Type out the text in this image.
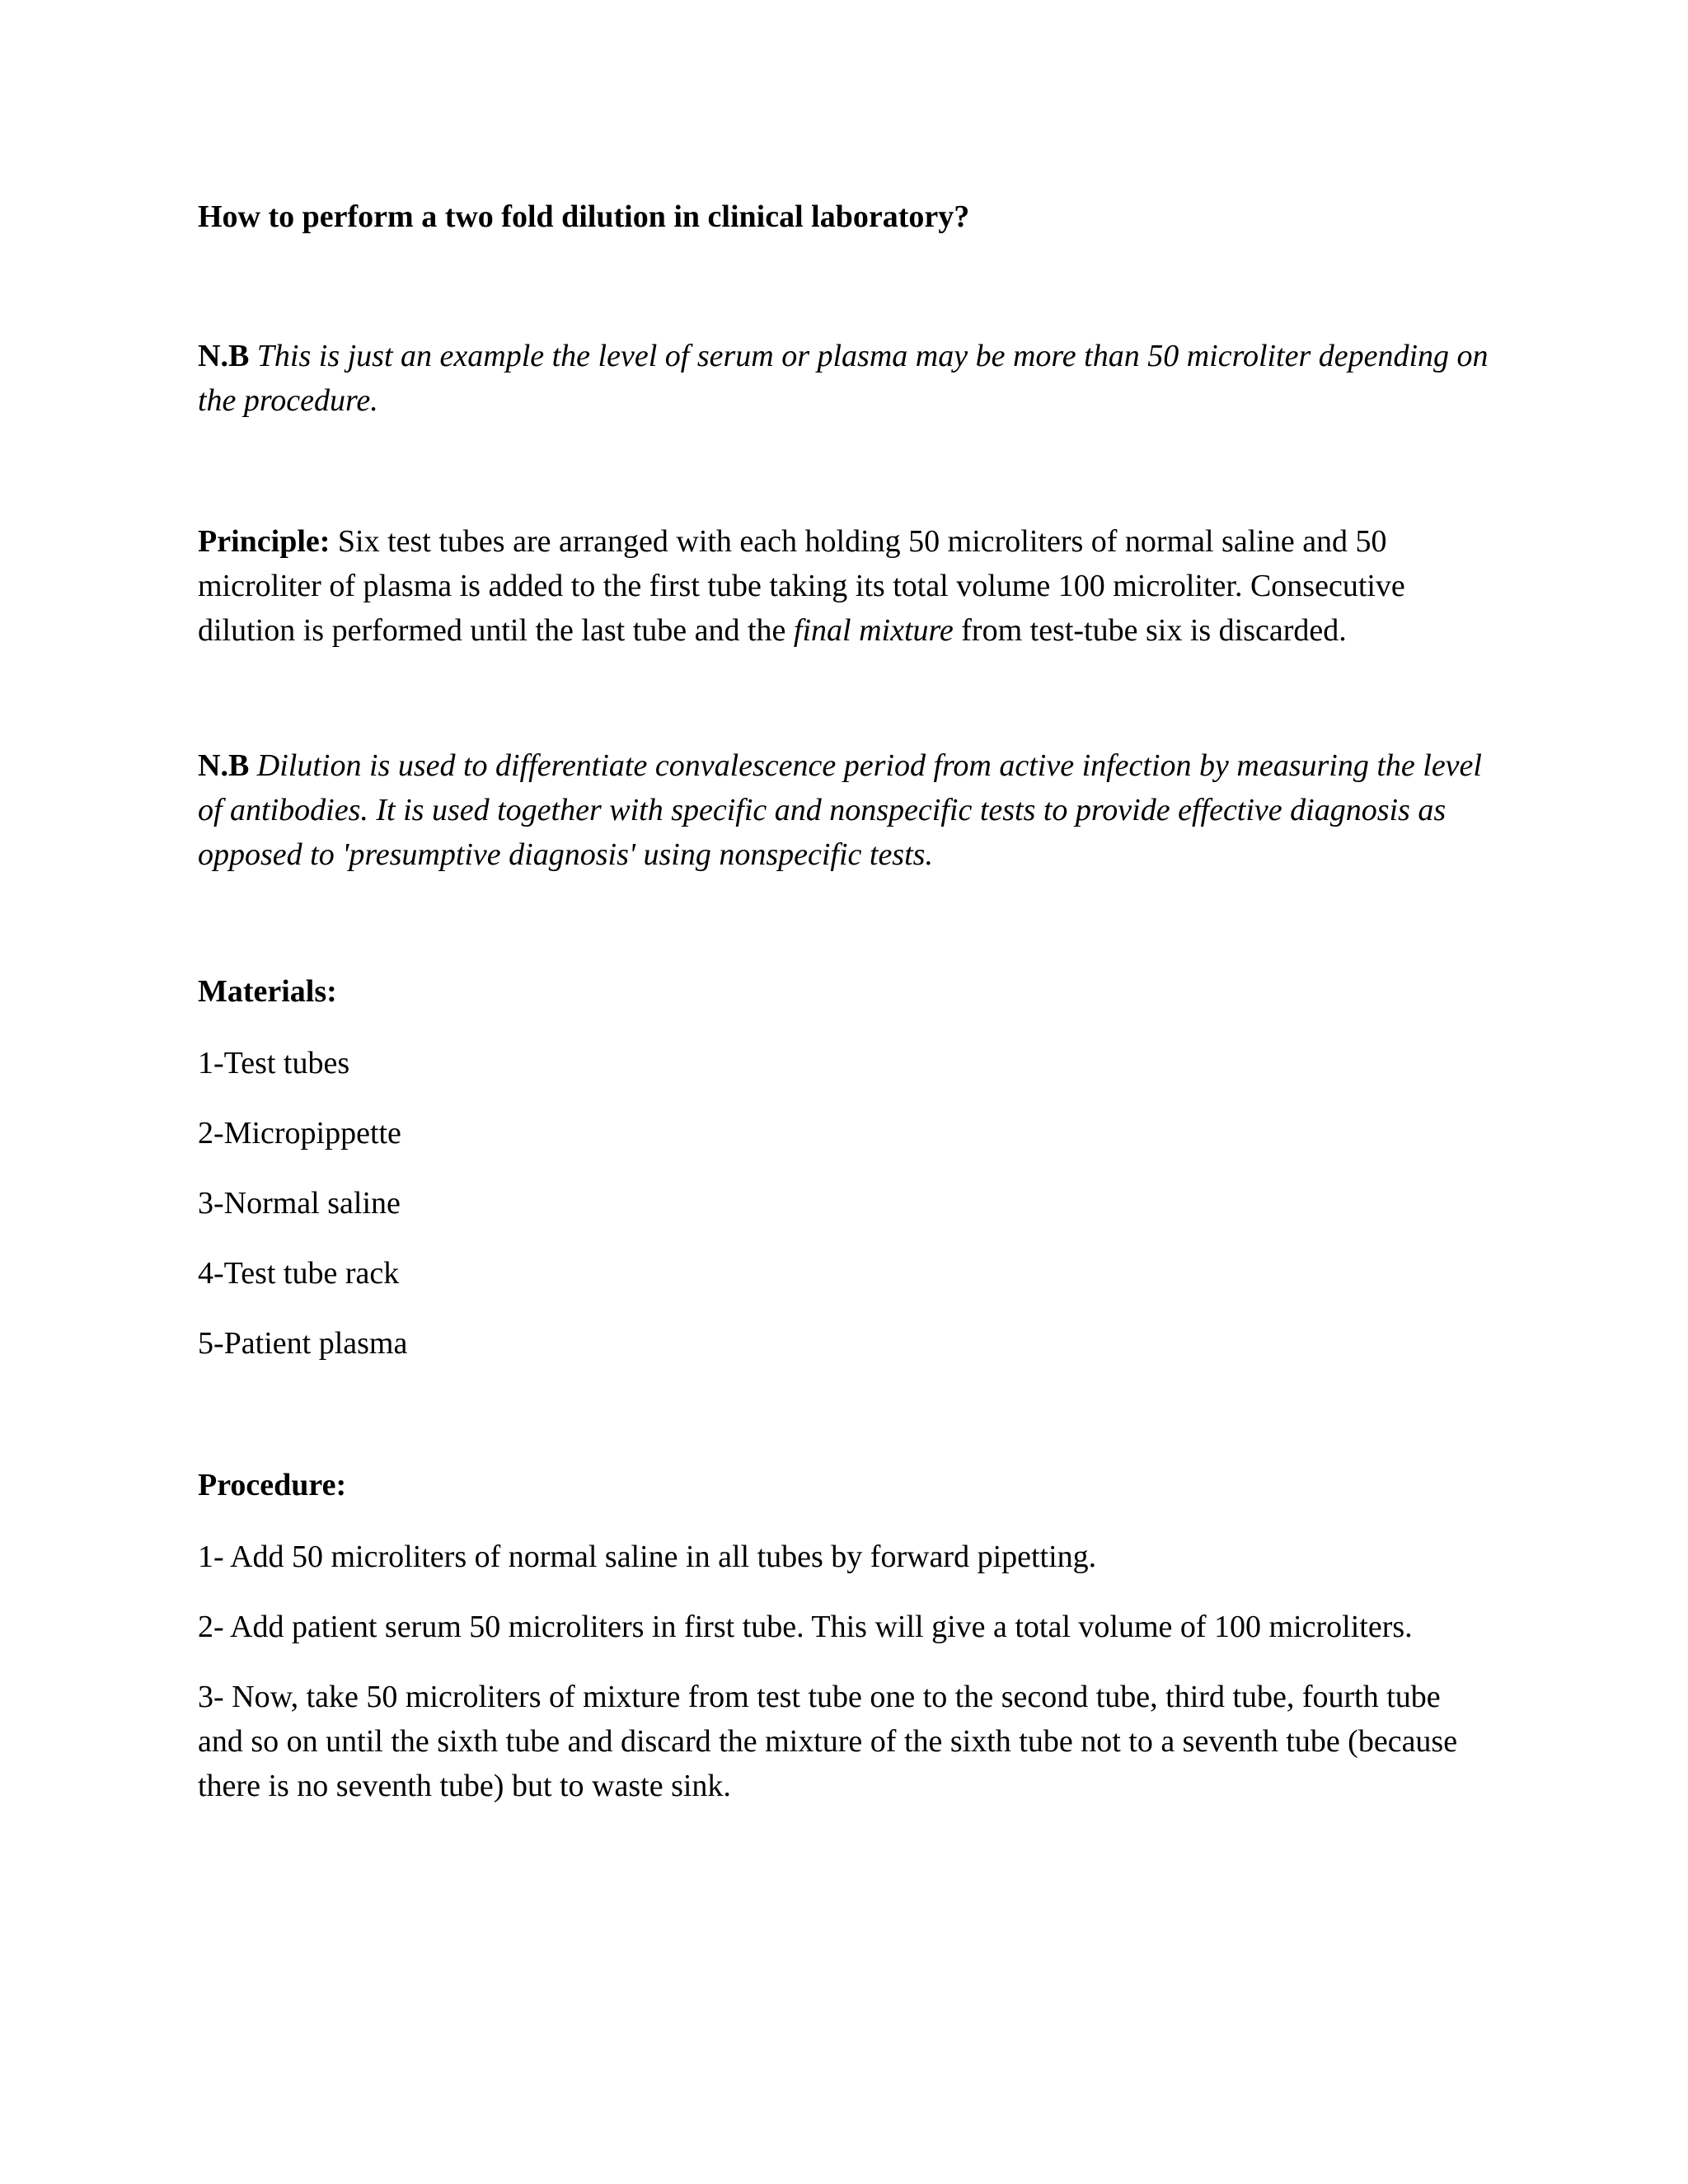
How to perform a two fold dilution in clinical laboratory?
N.B This is just an example the level of serum or plasma may be more than 50 microliter depending on the procedure.
Principle: Six test tubes are arranged with each holding 50 microliters of normal saline and 50 microliter of plasma is added to the first tube taking its total volume 100 microliter. Consecutive dilution is performed until the last tube and the final mixture from test-tube six is discarded.
N.B Dilution is used to differentiate convalescence period from active infection by measuring the level of antibodies. It is used together with specific and nonspecific tests to provide effective diagnosis as opposed to 'presumptive diagnosis' using nonspecific tests.
Materials:
1-Test tubes
2-Micropippette
3-Normal saline
4-Test tube rack
5-Patient plasma
Procedure:
1- Add 50 microliters of normal saline in all tubes by forward pipetting.
2- Add patient serum 50 microliters in first tube. This will give a total volume of 100 microliters.
3- Now, take 50 microliters of mixture from test tube one to the second tube, third tube, fourth tube and so on until the sixth tube and discard the mixture of the sixth tube not to a seventh tube (because there is no seventh tube) but to waste sink.
